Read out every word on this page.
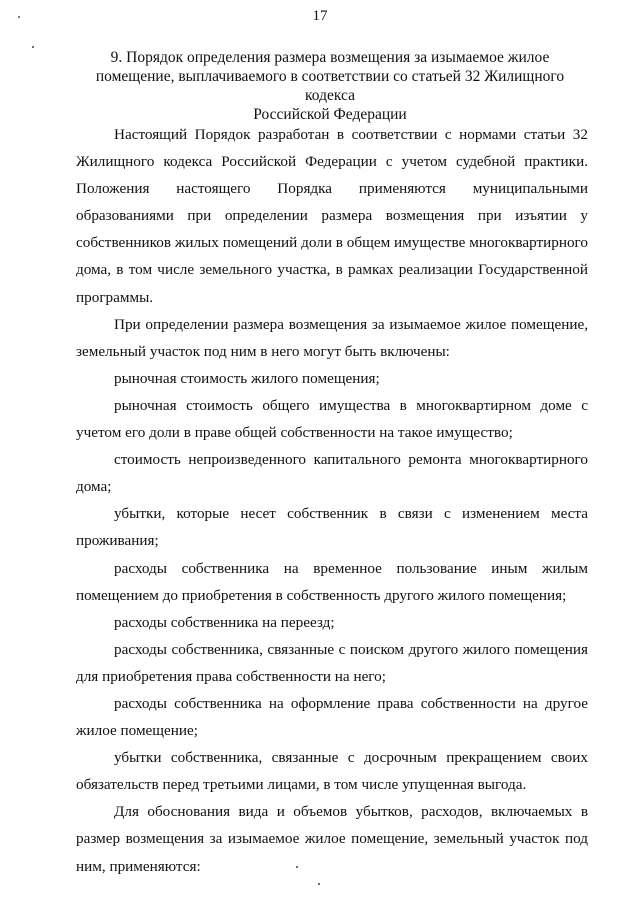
17
9. Порядок определения размера возмещения за изымаемое жилое
помещение, выплачиваемого в соответствии со статьей 32 Жилищного кодекса
Российской Федерации

Настоящий Порядок разработан в соответствии с нормами статьи 32 Жилищного кодекса Российской Федерации с учетом судебной практики. Положения настоящего Порядка применяются муниципальными образованиями при определении размера возмещения при изъятии у собственников жилых помещений доли в общем имуществе многоквартирного дома, в том числе земельного участка, в рамках реализации Государственной программы.

При определении размера возмещения за изымаемое жилое помещение, земельный участок под ним в него могут быть включены:

рыночная стоимость жилого помещения;

рыночная стоимость общего имущества в многоквартирном доме с учетом его доли в праве общей собственности на такое имущество;

стоимость непроизведенного капитального ремонта многоквартирного дома;

убытки, которые несет собственник в связи с изменением места проживания;

расходы собственника на временное пользование иным жилым помещением до приобретения в собственность другого жилого помещения;

расходы собственника на переезд;

расходы собственника, связанные с поиском другого жилого помещения для приобретения права собственности на него;

расходы собственника на оформление права собственности на другое жилое помещение;

убытки собственника, связанные с досрочным прекращением своих обязательств перед третьими лицами, в том числе упущенная выгода.

Для обоснования вида и объемов убытков, расходов, включаемых в размер возмещения за изымаемое жилое помещение, земельный участок под ним, применяются:
